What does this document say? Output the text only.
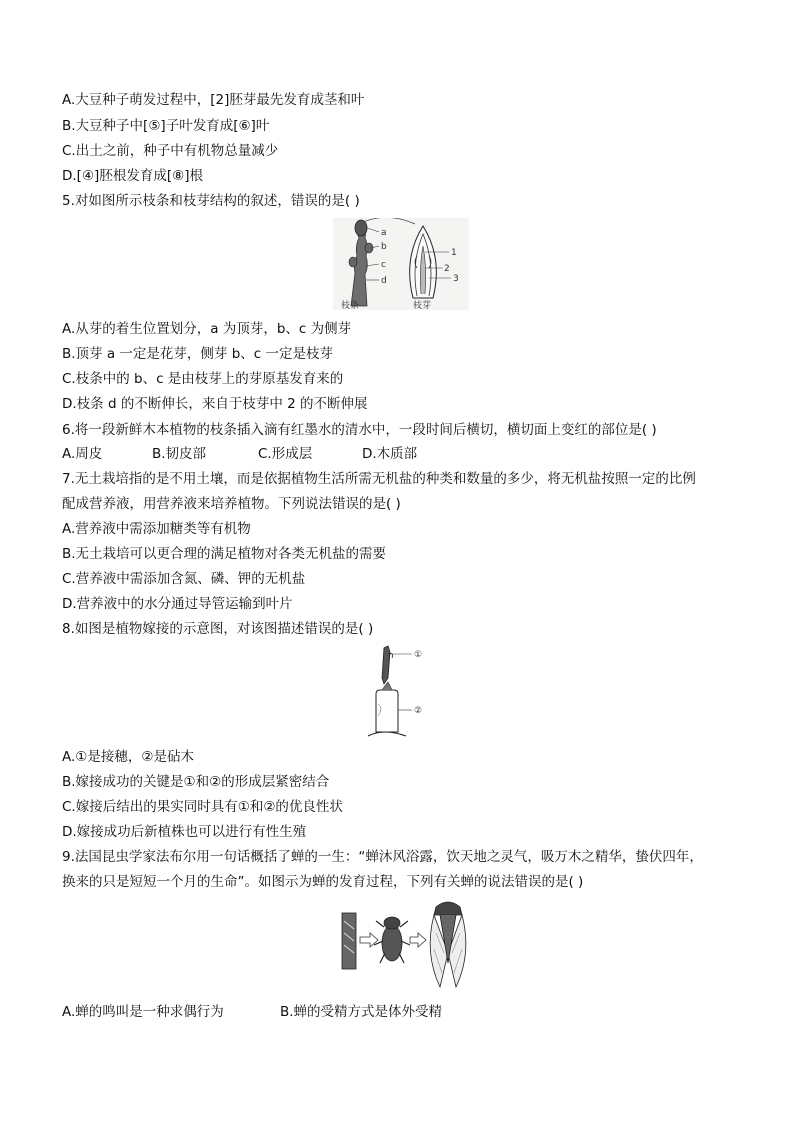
A.大豆种子萌发过程中，[2]胚芽最先发育成茎和叶
B.大豆种子中[⑤]子叶发育成[⑥]叶
C.出土之前，种子中有机物总量减少
D.[④]胚根发育成[⑧]根
5.对如图所示枝条和枝芽结构的叙述，错误的是( )
a
b
c
d
1
2
3
枝条	枝芽
A.从芽的着生位置划分，a 为顶芽，b、c 为侧芽
B.顶芽 a 一定是花芽，侧芽 b、c 一定是枝芽
C.枝条中的 b、c 是由枝芽上的芽原基发育来的
D.枝条 d 的不断伸长，来自于枝芽中 2 的不断伸展
6.将一段新鲜木本植物的枝条插入滴有红墨水的清水中，一段时间后横切，横切面上变红的部位是( )
A.周皮	B.韧皮部	C.形成层	D.木质部
7.无土栽培指的是不用土壤，而是依据植物生活所需无机盐的种类和数量的多少，将无机盐按照一定的比例
配成营养液，用营养液来培养植物。下列说法错误的是( )
A.营养液中需添加糖类等有机物
B.无土栽培可以更合理的满足植物对各类无机盐的需要
C.营养液中需添加含氮、磷、钾的无机盐
D.营养液中的水分通过导管运输到叶片
8.如图是植物嫁接的示意图，对该图描述错误的是( )
①
②
A.①是接穗，②是砧木
B.嫁接成功的关键是①和②的形成层紧密结合
C.嫁接后结出的果实同时具有①和②的优良性状
D.嫁接成功后新植株也可以进行有性生殖
9.法国昆虫学家法布尔用一句话概括了蝉的一生：“蝉沐风浴露，饮天地之灵气，吸万木之精华，蛰伏四年，
换来的只是短短一个月的生命”。如图示为蝉的发育过程，下列有关蝉的说法错误的是( )
A.蝉的鸣叫是一种求偶行为	B.蝉的受精方式是体外受精
